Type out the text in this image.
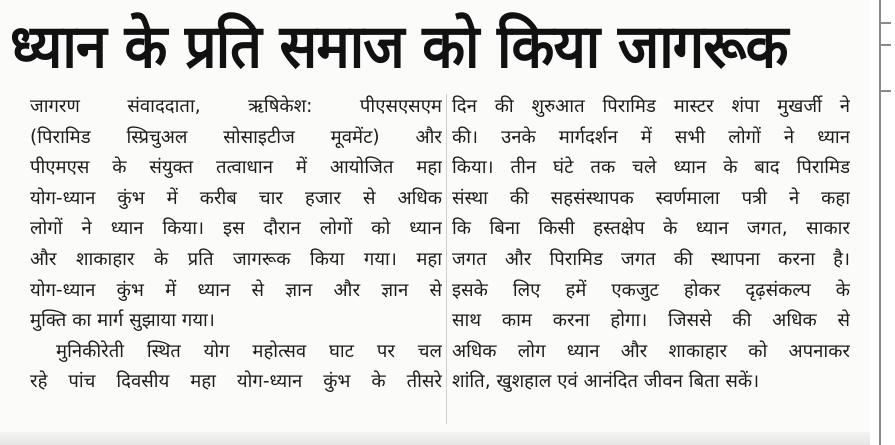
ध्यान के प्रति समाज को किया जागरूक
जागरण संवाददाता, ऋषिकेश: पीएसएसएम
(पिरामिड स्प्रिचुअल सोसाइटीज मूवमेंट) और
पीएमएस के संयुक्त तत्वाधान में आयोजित महा
योग-ध्यान कुंभ में करीब चार हजार से अधिक
लोगों ने ध्यान किया। इस दौरान लोगों को ध्यान
और शाकाहार के प्रति जागरूक किया गया। महा
योग-ध्यान कुंभ में ध्यान से ज्ञान और ज्ञान से
मुक्ति का मार्ग सुझाया गया।
मुनिकीरेती स्थित योग महोत्सव घाट पर चल
रहे पांच दिवसीय महा योग-ध्यान कुंभ के तीसरे
दिन की शुरुआत पिरामिड मास्टर शंपा मुखर्जी ने
की। उनके मार्गदर्शन में सभी लोगों ने ध्यान
किया। तीन घंटे तक चले ध्यान के बाद पिरामिड
संस्था की सहसंस्थापक स्वर्णमाला पत्री ने कहा
कि बिना किसी हस्तक्षेप के ध्यान जगत, साकार
जगत और पिरामिड जगत की स्थापना करना है।
इसके लिए हमें एकजुट होकर दृढ़संकल्प के
साथ काम करना होगा। जिससे की अधिक से
अधिक लोग ध्यान और शाकाहार को अपनाकर
शांति, खुशहाल एवं आनंदित जीवन बिता सकें।
